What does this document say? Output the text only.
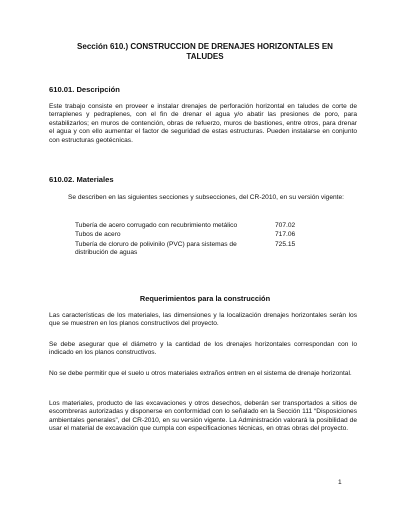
Sección 610.) CONSTRUCCION DE DRENAJES HORIZONTALES EN TALUDES
610.01. Descripción
Este trabajo consiste en proveer e instalar drenajes de perforación horizontal en taludes de corte de terraplenes y pedraplenes, con el fin de drenar el agua y/o abatir las presiones de poro, para estabilizarlos; en muros de contención, obras de refuerzo, muros de bastiones, entre otros, para drenar el agua y con ello aumentar el factor de seguridad de estas estructuras. Pueden instalarse en conjunto con estructuras geotécnicas.
610.02. Materiales
Se describen en las siguientes secciones y subsecciones, del CR-2010, en su versión vigente:
Tubería de acero corrugado con recubrimiento metálico	707.02
Tubos de acero	717.06
Tubería de cloruro de polivinilo (PVC) para sistemas de distribución de aguas
725.15
Requerimientos para la construcción
Las características de los materiales, las dimensiones y la localización drenajes horizontales serán los que se muestren en los planos constructivos del proyecto.
Se debe asegurar que el diámetro y la cantidad de los drenajes horizontales correspondan con lo indicado en los planos constructivos.
No se debe permitir que el suelo u otros materiales extraños entren en el sistema de drenaje horizontal.
Los materiales, producto de las excavaciones y otros desechos, deberán ser transportados a sitios de escombreras autorizadas y disponerse en conformidad con lo señalado en la Sección 111 “Disposiciones ambientales generales”, del CR-2010, en su versión vigente. La Administración valorará la posibilidad de usar el material de excavación que cumpla con especificaciones técnicas, en otras obras del proyecto.
1
